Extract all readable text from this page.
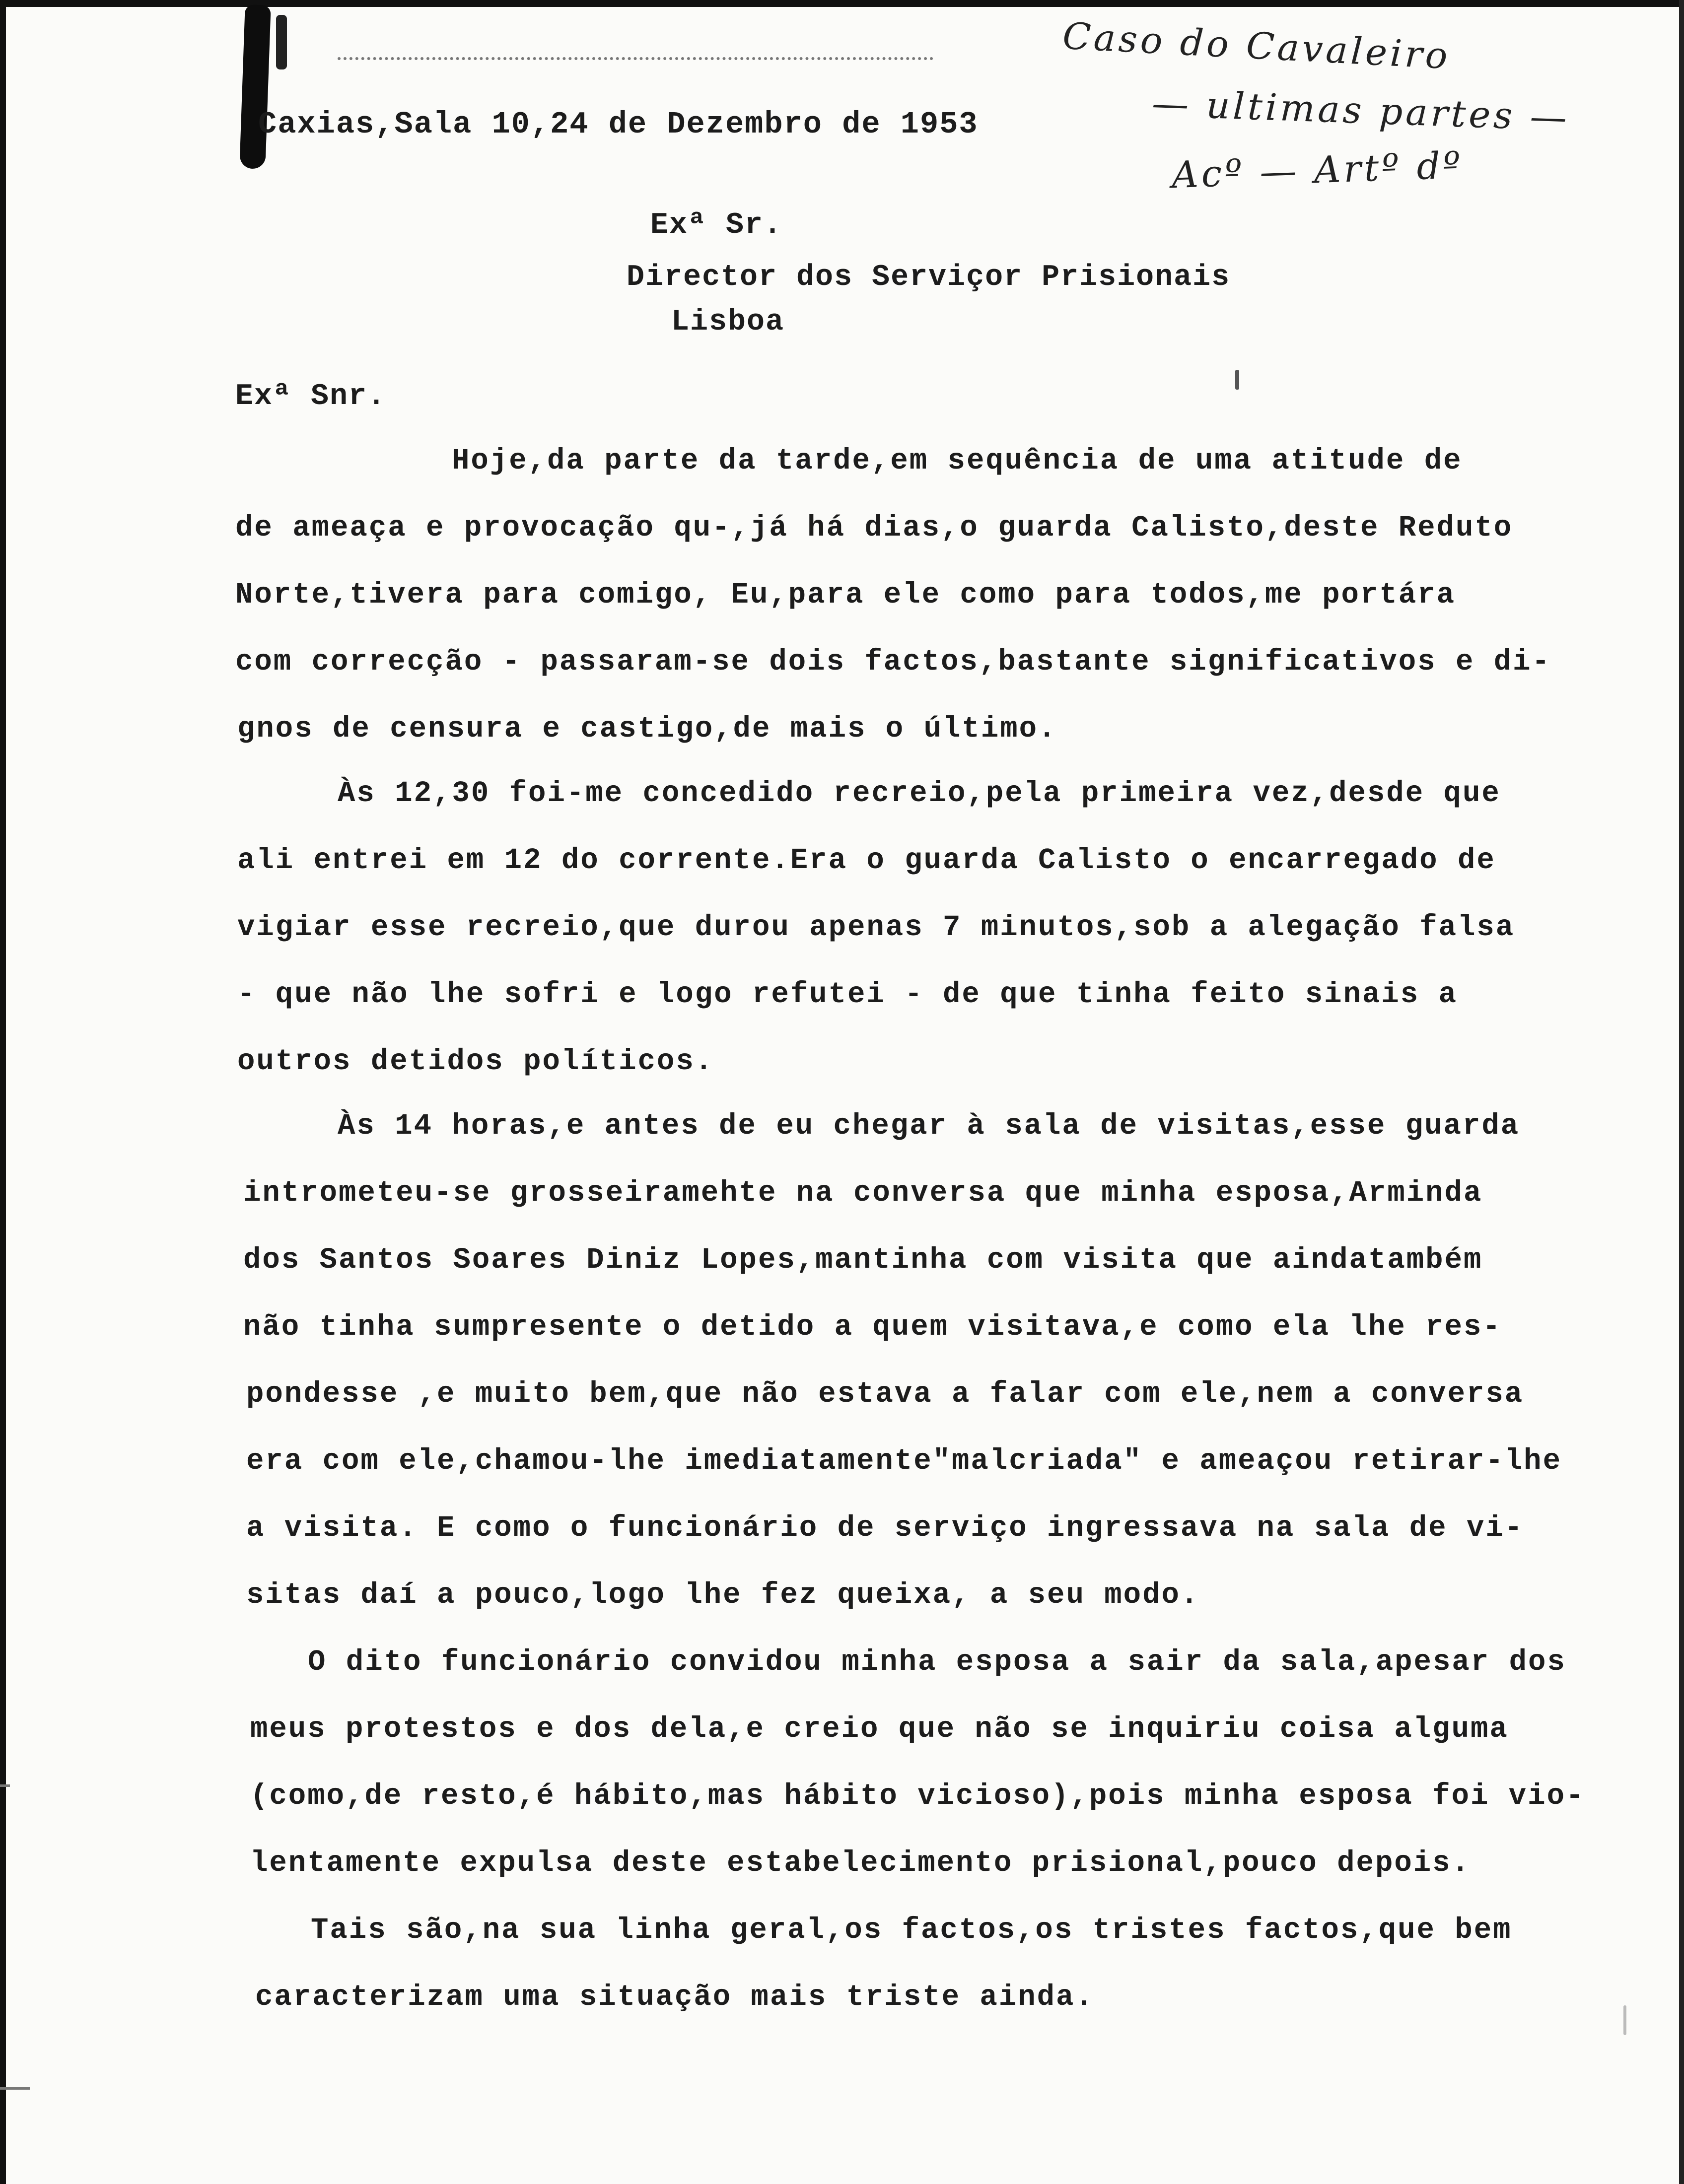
Caso do Cavaleiro
— ultimas partes —
Acº — Artº dº
Caxias,Sala 10,24 de Dezembro de 1953
Exª Sr.
Director dos Serviçor Prisionais
Lisboa
Exª Snr.
Hoje,da parte da tarde,em sequência de uma atitude de
de ameaça e provocação qu-,já há dias,o guarda Calisto,deste Reduto
Norte,tivera para comigo, Eu,para ele como para todos,me portára
com correcção - passaram-se dois factos,bastante significativos e di-
gnos de censura e castigo,de mais o último.
Às 12,30 foi-me concedido recreio,pela primeira vez,desde que
ali entrei em 12 do corrente.Era o guarda Calisto o encarregado de
vigiar esse recreio,que durou apenas 7 minutos,sob a alegação falsa
- que não lhe sofri e logo refutei - de que tinha feito sinais a
outros detidos políticos.
Às 14 horas,e antes de eu chegar à sala de visitas,esse guarda
intrometeu-se grosseiramehte na conversa que minha esposa,Arminda
dos Santos Soares Diniz Lopes,mantinha com visita que aindatambém
não tinha sumpresente o detido a quem visitava,e como ela lhe res-
pondesse ,e muito bem,que não estava a falar com ele,nem a conversa
era com ele,chamou-lhe imediatamente"malcriada" e ameaçou retirar-lhe
a visita. E como o funcionário de serviço ingressava na sala de vi-
sitas daí a pouco,logo lhe fez queixa, a seu modo.
O dito funcionário convidou minha esposa a sair da sala,apesar dos
meus protestos e dos dela,e creio que não se inquiriu coisa alguma
(como,de resto,é hábito,mas hábito vicioso),pois minha esposa foi vio-
lentamente expulsa deste estabelecimento prisional,pouco depois.
Tais são,na sua linha geral,os factos,os tristes factos,que bem
caracterizam uma situação mais triste ainda.
